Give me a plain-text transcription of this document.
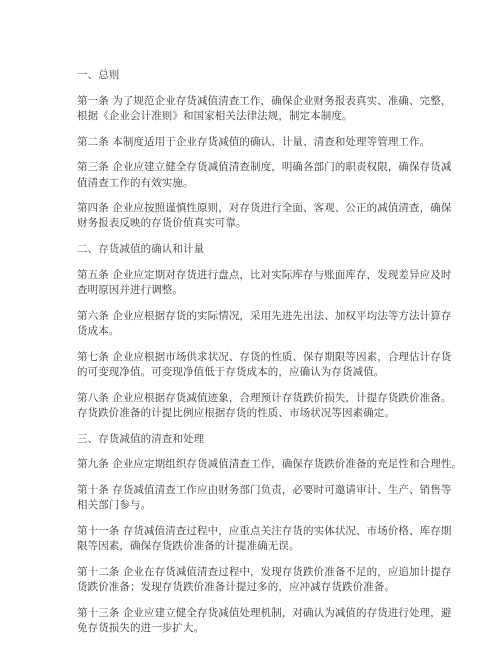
一、总则
第一条 为了规范企业存货减值清查工作，确保企业财务报表真实、准确、完整，
根据《企业会计准则》和国家相关法律法规，制定本制度。
第二条 本制度适用于企业存货减值的确认、计量、清查和处理等管理工作。
第三条 企业应建立健全存货减值清查制度，明确各部门的职责权限，确保存货减
值清查工作的有效实施。
第四条 企业应按照谨慎性原则，对存货进行全面、客观、公正的减值清查，确保
财务报表反映的存货价值真实可靠。
二、存货减值的确认和计量
第五条 企业应定期对存货进行盘点，比对实际库存与账面库存，发现差异应及时
查明原因并进行调整。
第六条 企业应根据存货的实际情况，采用先进先出法、加权平均法等方法计算存
货成本。
第七条 企业应根据市场供求状况、存货的性质、保存期限等因素，合理估计存货
的可变现净值。可变现净值低于存货成本的，应确认为存货减值。
第八条 企业应根据存货减值迹象，合理预计存货跌价损失，计提存货跌价准备。
存货跌价准备的计提比例应根据存货的性质、市场状况等因素确定。
三、存货减值的清查和处理
第九条 企业应定期组织存货减值清查工作，确保存货跌价准备的充足性和合理性。
第十条 存货减值清查工作应由财务部门负责，必要时可邀请审计、生产、销售等
相关部门参与。
第十一条 存货减值清查过程中，应重点关注存货的实体状况、市场价格、库存期
限等因素，确保存货跌价准备的计提准确无误。
第十二条 企业在存货减值清查过程中，发现存货跌价准备不足的，应追加计提存
货跌价准备；发现存货跌价准备计提过多的，应冲减存货跌价准备。
第十三条 企业应建立健全存货减值处理机制，对确认为减值的存货进行处理，避
免存货损失的进一步扩大。
